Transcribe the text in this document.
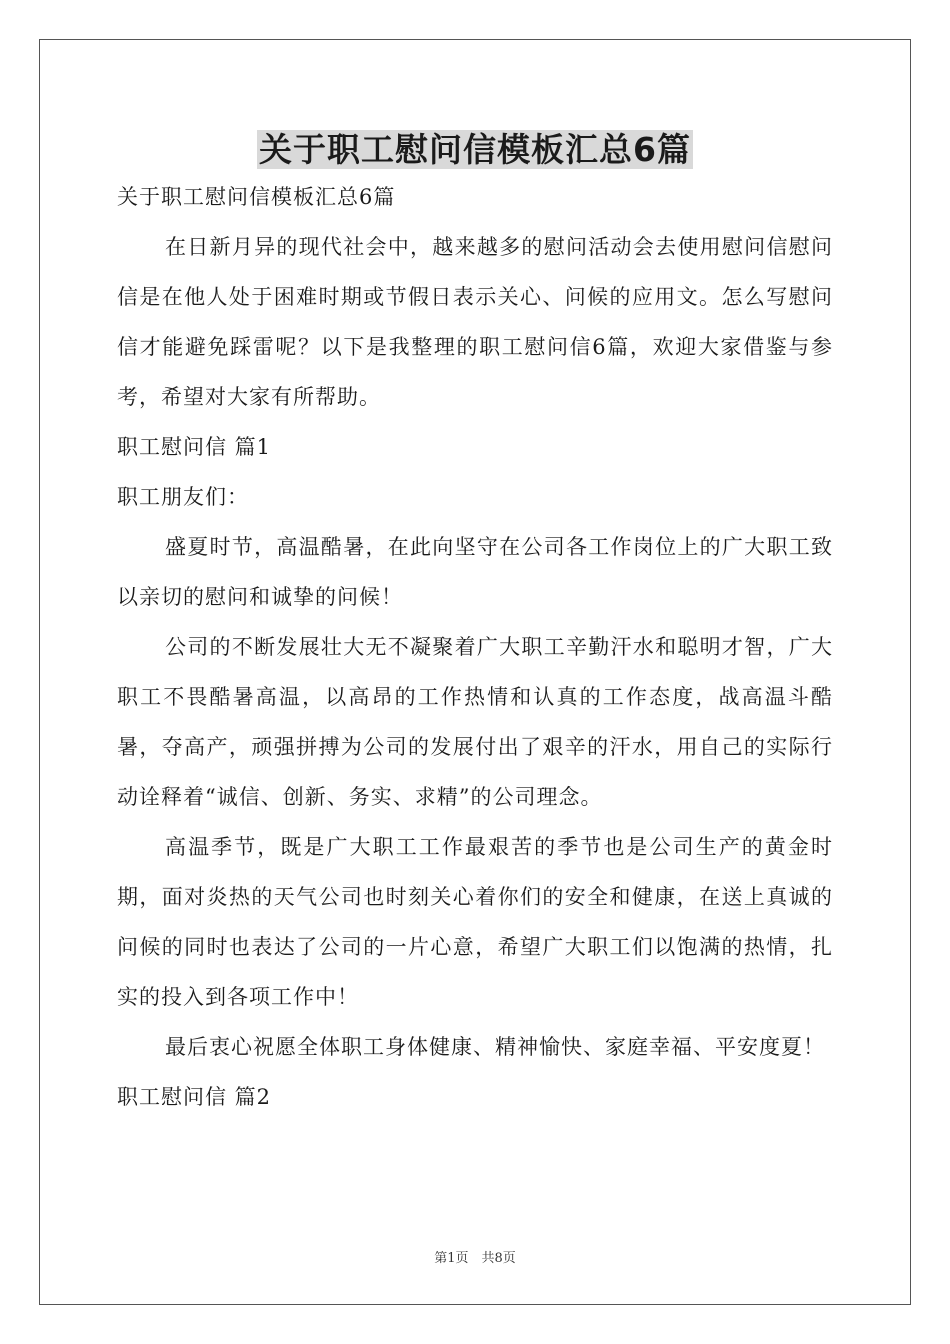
关于职工慰问信模板汇总6篇

关于职工慰问信模板汇总6篇

在日新月异的现代社会中，越来越多的慰问活动会去使用慰问信慰问信是在他人处于困难时期或节假日表示关心、问候的应用文。怎么写慰问信才能避免踩雷呢？以下是我整理的职工慰问信6篇，欢迎大家借鉴与参考，希望对大家有所帮助。

职工慰问信 篇1

职工朋友们：

盛夏时节，高温酷暑，在此向坚守在公司各工作岗位上的广大职工致以亲切的慰问和诚挚的问候！

公司的不断发展壮大无不凝聚着广大职工辛勤汗水和聪明才智，广大职工不畏酷暑高温，以高昂的工作热情和认真的工作态度，战高温斗酷暑，夺高产，顽强拼搏为公司的发展付出了艰辛的汗水，用自己的实际行动诠释着“诚信、创新、务实、求精”的公司理念。

高温季节，既是广大职工工作最艰苦的季节也是公司生产的黄金时期，面对炎热的天气公司也时刻关心着你们的安全和健康，在送上真诚的问候的同时也表达了公司的一片心意，希望广大职工们以饱满的热情，扎实的投入到各项工作中！

最后衷心祝愿全体职工身体健康、精神愉快、家庭幸福、平安度夏！

职工慰问信 篇2

第1页　共8页
